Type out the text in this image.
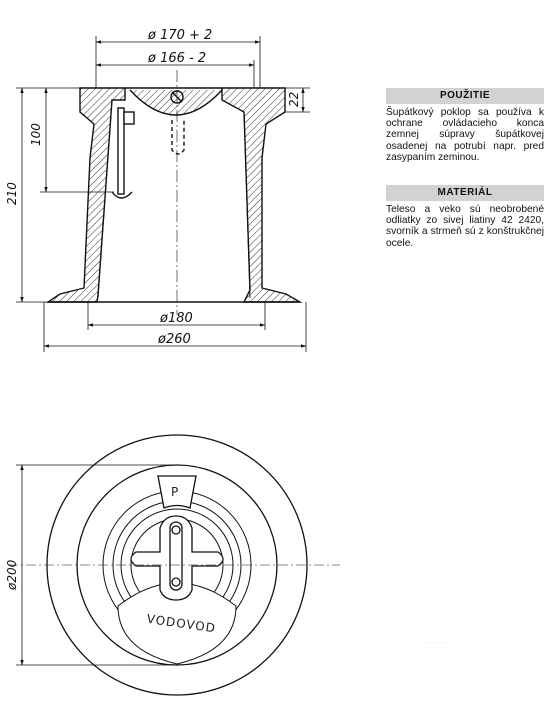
ø 170 + 2
ø 166 - 2
ø180
ø260
210
100
22
P
VODOVOD
ø200
POUŽITIE
Šupátkový poklop sa používa k ochrane ovládacieho konca zemnej súpravy šupátkovej osadenej na potrubí napr. pred zasypaním zeminou.
MATERIÁL
Teleso a veko sú neobrobené odliatky zo sivej liatiny 42 2420, svorník a strmeň sú z konštrukčnej ocele.
· · · · · · · ·
